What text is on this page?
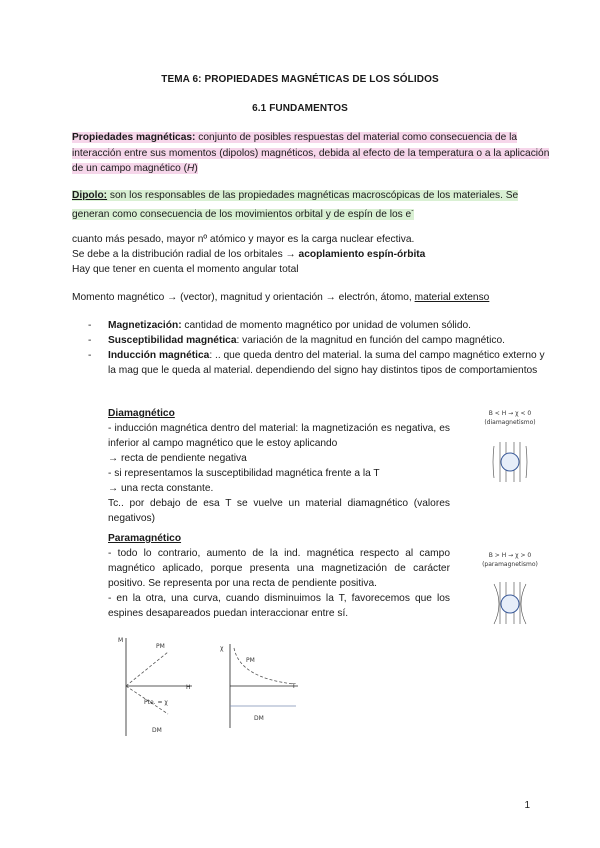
TEMA 6: PROPIEDADES MAGNÉTICAS DE LOS SÓLIDOS
6.1 FUNDAMENTOS
Propiedades magnéticas: conjunto de posibles respuestas del material como consecuencia de la interacción entre sus momentos (dipolos) magnéticos, debida al efecto de la temperatura o a la aplicación de un campo magnético (H)
Dipolo: son los responsables de las propiedades magnéticas macroscópicas de los materiales. Se generan como consecuencia de los movimientos orbital y de espín de los e-
cuanto más pesado, mayor nº atómico y mayor es la carga nuclear efectiva.
Se debe a la distribución radial de los orbitales → acoplamiento espín-órbita
Hay que tener en cuenta el momento angular total
Momento magnético → (vector), magnitud y orientación → electrón, átomo, material extenso
- Magnetización: cantidad de momento magnético por unidad de volumen sólido.
- Susceptibilidad magnética: variación de la magnitud en función del campo magnético.
- Inducción magnética: .. que queda dentro del material. la suma del campo magnético externo y la mag que le queda al material. dependiendo del signo hay distintos tipos de comportamientos
Diamagnético
- inducción magnética dentro del material: la magnetización es negativa, es inferior al campo magnético que le estoy aplicando
→ recta de pendiente negativa
- si representamos la susceptibilidad magnética frente a la T
→ una recta constante.
Tc.. por debajo de esa T se vuelve un material diamagnético (valores negativos)
B < H → χ < 0
(diamagnetismo)
Paramagnético
- todo lo contrario, aumento de la ind. magnética respecto al campo magnético aplicado, porque presenta una magnetización de carácter positivo. Se representa por una recta de pendiente positiva.
- en la otra, una curva, cuando disminuimos la T, favorecemos que los espines desapareados puedan interaccionar entre sí.
B > H → χ > 0
(paramagnetismo)
M
H
PM
Pte. = χ
DM
χ
T
PM
DM
1
